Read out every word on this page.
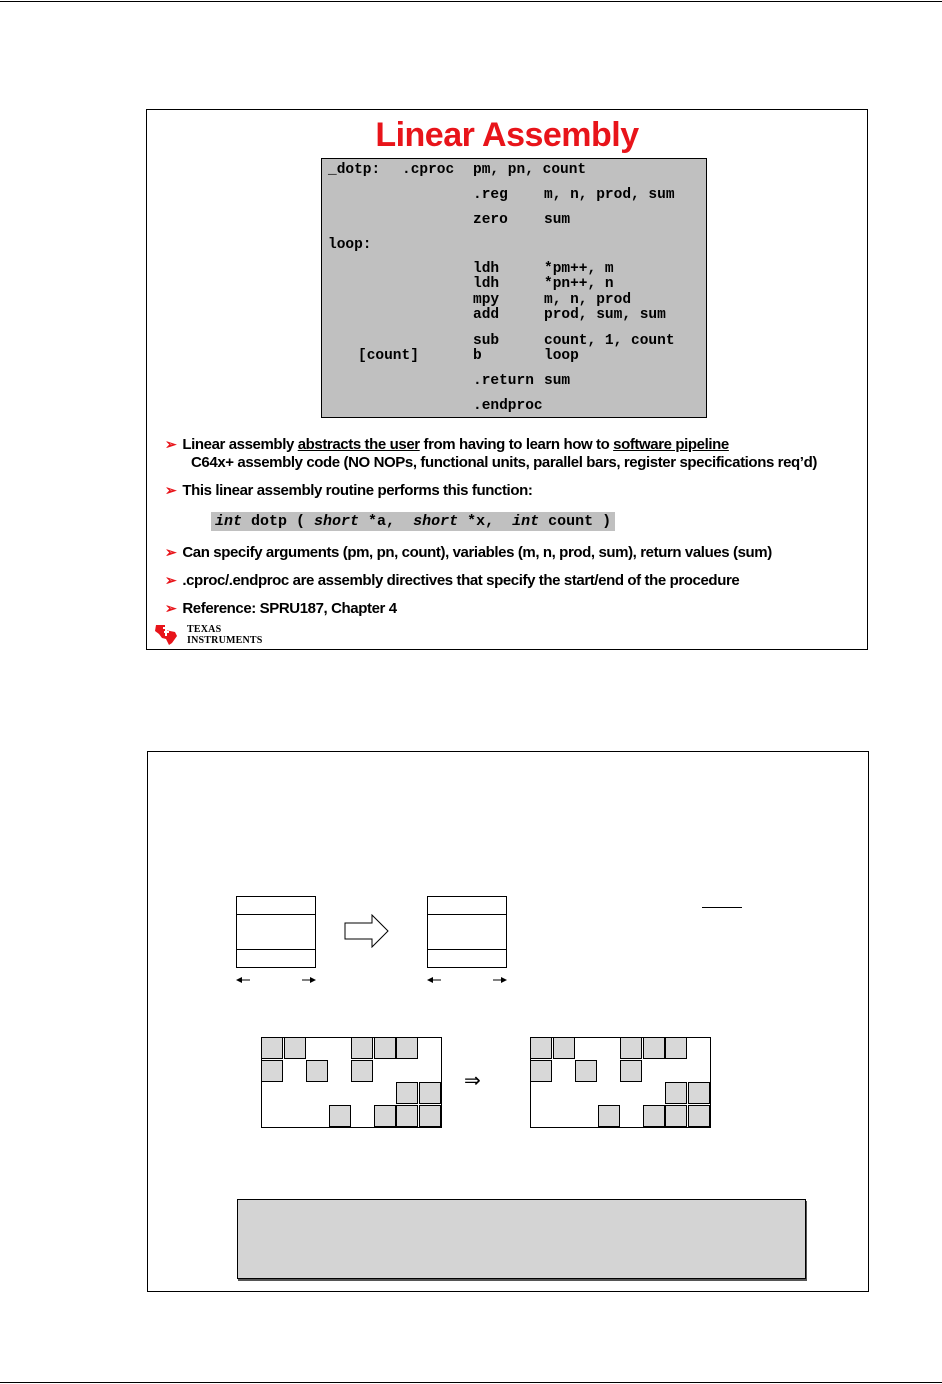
Linear Assembly
_dotp: .cproc pm, pn, count
.reg m, n, prod, sum
zero sum
loop:
ldh	*pm++, m
ldh	*pn++, n
mpy	m, n, prod
add	prod, sum, sum
sub	count, 1, count
[count]	b	loop
.return sum
.endproc
➢ Linear assembly abstracts the user from having to learn how to software pipeline
C64x+ assembly code (NO NOPs, functional units, parallel bars, register specifications req’d)
➢ This linear assembly routine performs this function:
➢ Can specify arguments (pm, pn, count), variables (m, n, prod, sum), return values (sum)
➢ .cproc/.endproc are assembly directives that specify the start/end of the procedure
➢ Reference: SPRU187, Chapter 4
int dotp ( short *a,  short *x,  int count )
TEXAS
INSTRUMENTS
⇒
